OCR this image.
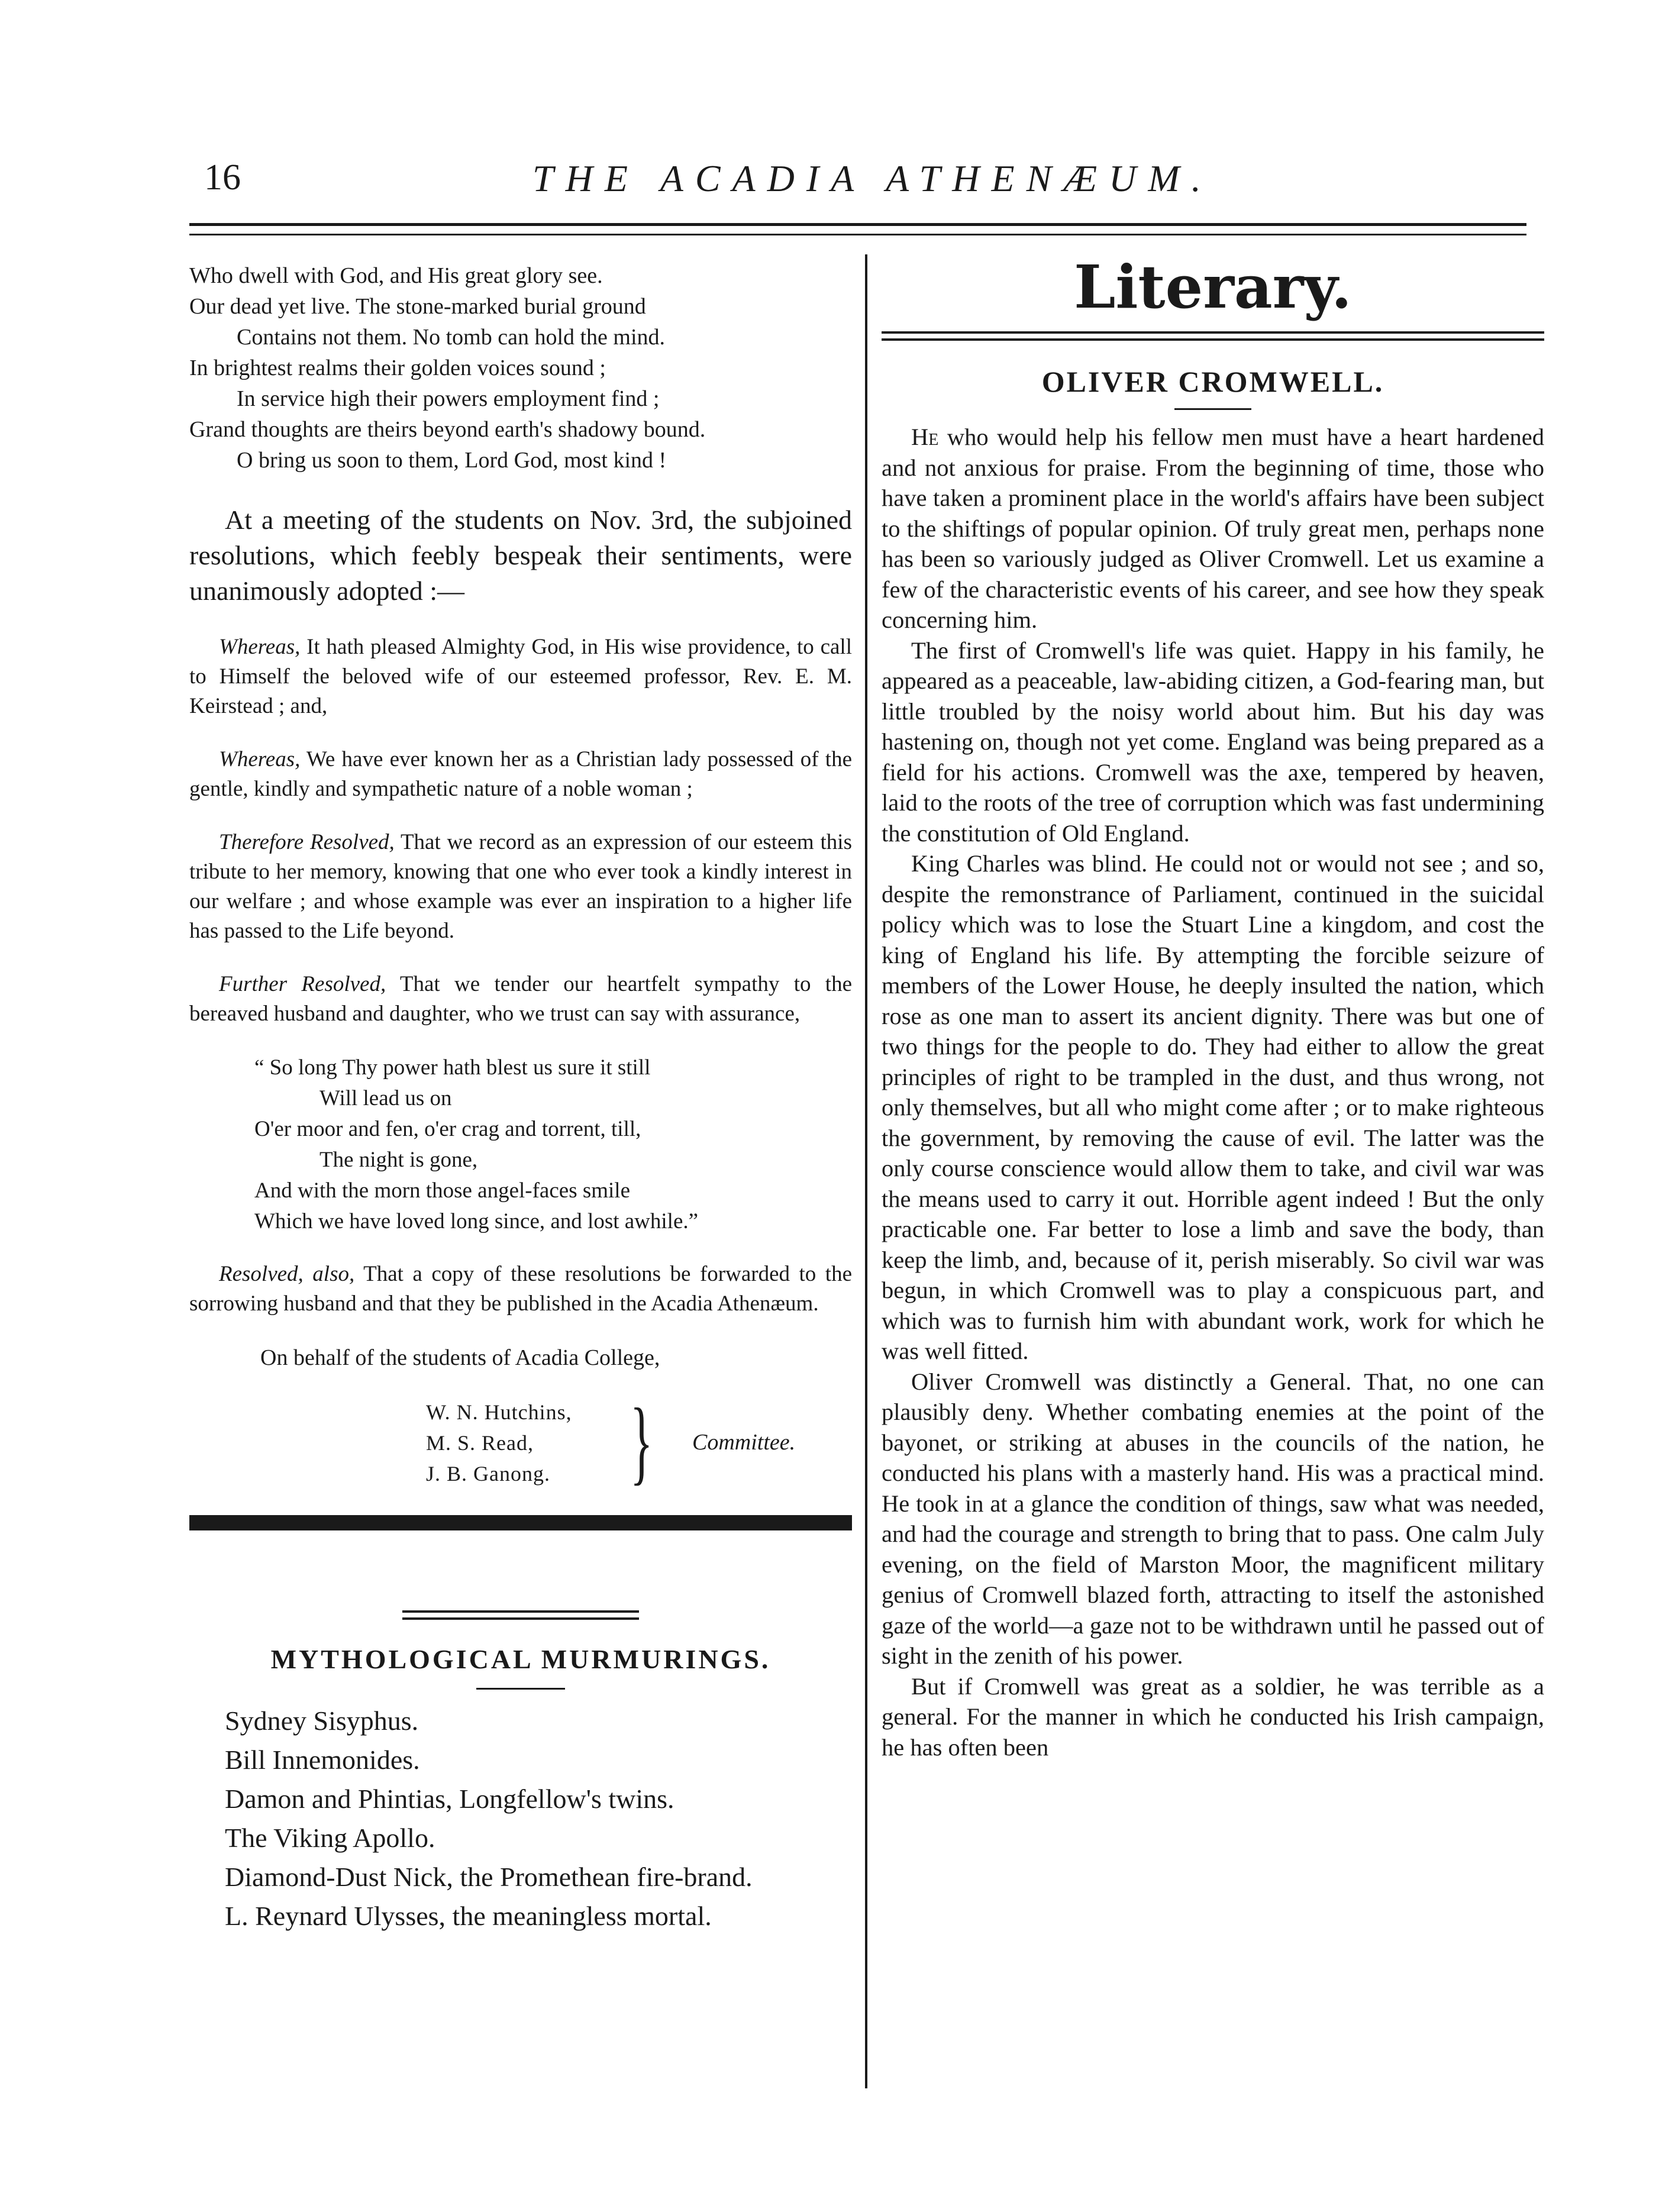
16	THE ACADIA ATHENÆUM.
Who dwell with God, and His great glory see.
Our dead yet live. The stone-marked burial ground
Contains not them. No tomb can hold the mind.
In brightest realms their golden voices sound ;
In service high their powers employment find ;
Grand thoughts are theirs beyond earth's shadowy bound.
O bring us soon to them, Lord God, most kind !

At a meeting of the students on Nov. 3rd, the subjoined resolutions, which feebly bespeak their sentiments, were unanimously adopted :—

Whereas, It hath pleased Almighty God, in His wise providence, to call to Himself the beloved wife of our esteemed professor, Rev. E. M. Keirstead ; and,

Whereas, We have ever known her as a Christian lady possessed of the gentle, kindly and sympathetic nature of a noble woman ;

Therefore Resolved, That we record as an expression of our esteem this tribute to her memory, knowing that one who ever took a kindly interest in our welfare ; and whose example was ever an inspiration to a higher life has passed to the Life beyond.

Further Resolved, That we tender our heartfelt sympathy to the bereaved husband and daughter, who we trust can say with assurance,

“ So long Thy power hath blest us sure it still
Will lead us on
O'er moor and fen, o'er crag and torrent, till,
The night is gone,
And with the morn those angel-faces smile
Which we have loved long since, and lost awhile.”

Resolved, also, That a copy of these resolutions be forwarded to the sorrowing husband and that they be published in the Acadia Athenæum.

On behalf of the students of Acadia College,
W. N. Hutchins,
M. S. Read,
J. B. Ganong. } Committee.
MYTHOLOGICAL MURMURINGS.
Sydney Sisyphus.
Bill Innemonides.
Damon and Phintias, Longfellow's twins.
The Viking Apollo.
Diamond-Dust Nick, the Promethean fire-brand.
L. Reynard Ulysses, the meaningless mortal.
Literary.
OLIVER CROMWELL.

He who would help his fellow men must have a heart hardened and not anxious for praise. From the beginning of time, those who have taken a prominent place in the world's affairs have been subject to the shiftings of popular opinion. Of truly great men, perhaps none has been so variously judged as Oliver Cromwell. Let us examine a few of the characteristic events of his career, and see how they speak concerning him.

The first of Cromwell's life was quiet. Happy in his family, he appeared as a peaceable, law-abiding citizen, a God-fearing man, but little troubled by the noisy world about him. But his day was hastening on, though not yet come. England was being prepared as a field for his actions. Cromwell was the axe, tempered by heaven, laid to the roots of the tree of corruption which was fast undermining the constitution of Old England.

King Charles was blind. He could not or would not see ; and so, despite the remonstrance of Parliament, continued in the suicidal policy which was to lose the Stuart Line a kingdom, and cost the king of England his life. By attempting the forcible seizure of members of the Lower House, he deeply insulted the nation, which rose as one man to assert its ancient dignity. There was but one of two things for the people to do. They had either to allow the great principles of right to be trampled in the dust, and thus wrong, not only themselves, but all who might come after ; or to make righteous the government, by removing the cause of evil. The latter was the only course conscience would allow them to take, and civil war was the means used to carry it out. Horrible agent indeed ! But the only practicable one. Far better to lose a limb and save the body, than keep the limb, and, because of it, perish miserably. So civil war was begun, in which Cromwell was to play a conspicuous part, and which was to furnish him with abundant work, work for which he was well fitted.

Oliver Cromwell was distinctly a General. That, no one can plausibly deny. Whether combating enemies at the point of the bayonet, or striking at abuses in the councils of the nation, he conducted his plans with a masterly hand. His was a practical mind. He took in at a glance the condition of things, saw what was needed, and had the courage and strength to bring that to pass. One calm July evening, on the field of Marston Moor, the magnificent military genius of Cromwell blazed forth, attracting to itself the astonished gaze of the world—a gaze not to be withdrawn until he passed out of sight in the zenith of his power.

But if Cromwell was great as a soldier, he was terrible as a general. For the manner in which he conducted his Irish campaign, he has often been
